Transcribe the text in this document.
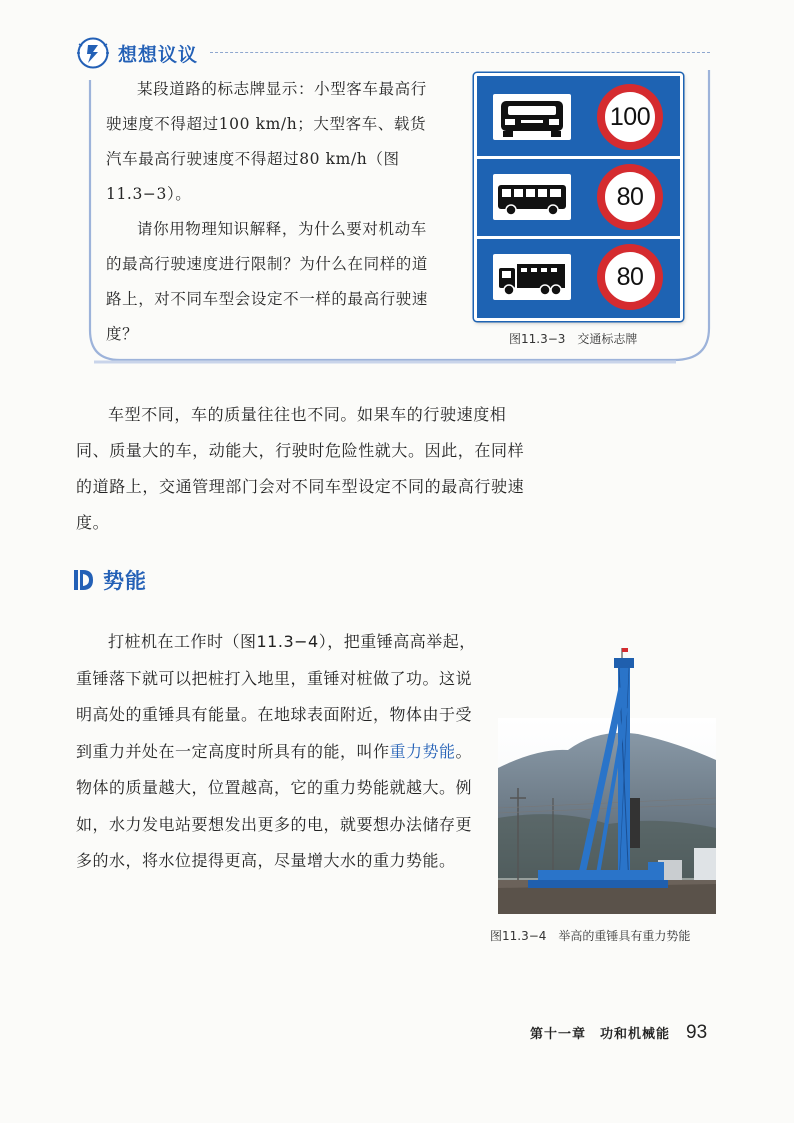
想想议议

某段道路的标志牌显示：小型客车最高行驶速度不得超过100 km/h；大型客车、载货汽车最高行驶速度不得超过80 km/h（图11.3−3）。

请你用物理知识解释，为什么要对机动车的最高行驶速度进行限制？为什么在同样的道路上，对不同车型会设定不一样的最高行驶速度？

100
80
80
图11.3−3 交通标志牌

车型不同，车的质量往往也不同。如果车的行驶速度相同、质量大的车，动能大，行驶时危险性就大。因此，在同样的道路上，交通管理部门会对不同车型设定不同的最高行驶速度。

势能

打桩机在工作时（图11.3−4），把重锤高高举起，重锤落下就可以把桩打入地里，重锤对桩做了功。这说明高处的重锤具有能量。在地球表面附近，物体由于受到重力并处在一定高度时所具有的能，叫作重力势能。物体的质量越大，位置越高，它的重力势能就越大。例如，水力发电站要想发出更多的电，就要想办法储存更多的水，将水位提得更高，尽量增大水的重力势能。

图11.3−4 举高的重锤具有重力势能
第十一章　功和机械能 93
